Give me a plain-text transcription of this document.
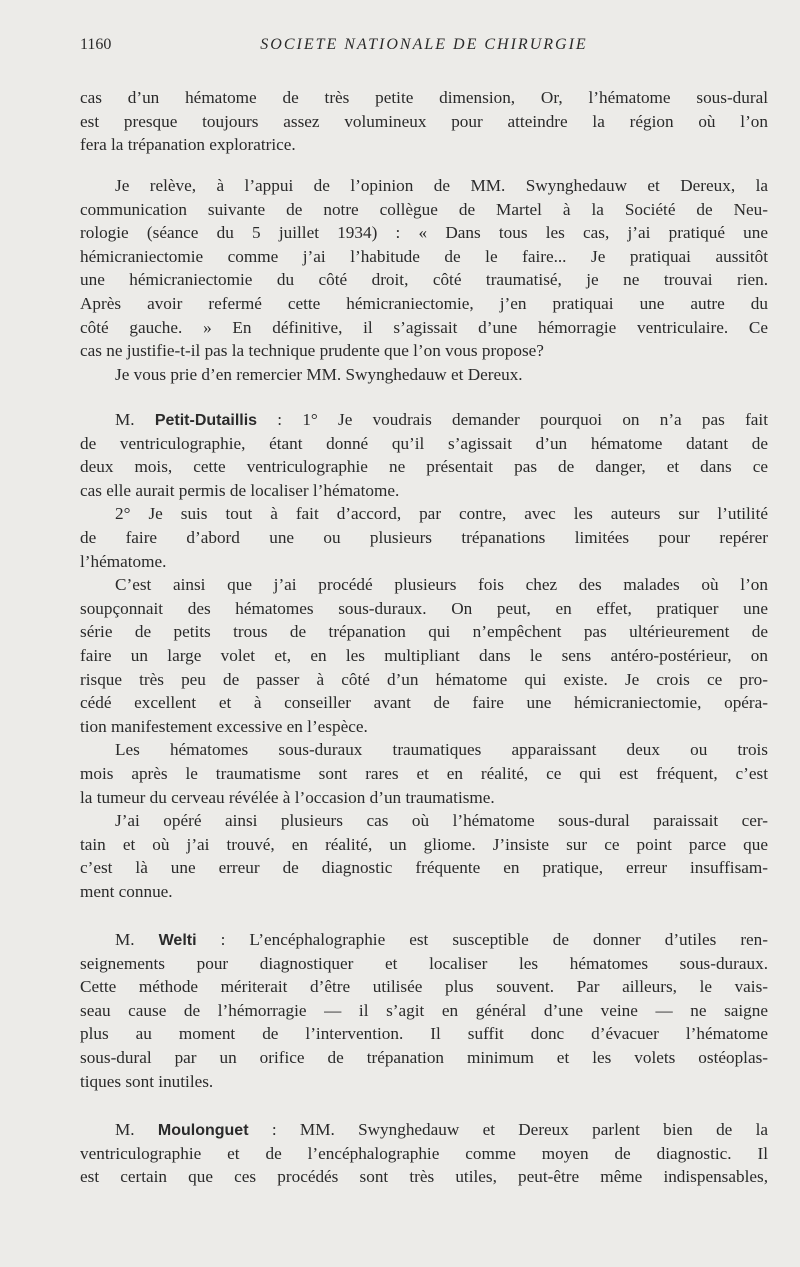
1160	SOCIETE NATIONALE DE CHIRURGIE
cas d’un hématome de très petite dimension, Or, l’hématome sous-dural
est presque toujours assez volumineux pour atteindre la région où l’on
fera la trépanation exploratrice.
Je relève, à l’appui de l’opinion de MM. Swynghedauw et Dereux, la
communication suivante de notre collègue de Martel à la Société de Neu-
rologie (séance du 5 juillet 1934) : « Dans tous les cas, j’ai pratiqué une
hémicraniectomie comme j’ai l’habitude de le faire... Je pratiquai aussitôt
une hémicraniectomie du côté droit, côté traumatisé, je ne trouvai rien.
Après avoir refermé cette hémicraniectomie, j’en pratiquai une autre du
côté gauche. » En définitive, il s’agissait d’une hémorragie ventriculaire. Ce
cas ne justifie-t-il pas la technique prudente que l’on vous propose?
Je vous prie d’en remercier MM. Swynghedauw et Dereux.
M. Petit-Dutaillis : 1° Je voudrais demander pourquoi on n’a pas fait
de ventriculographie, étant donné qu’il s’agissait d’un hématome datant de
deux mois, cette ventriculographie ne présentait pas de danger, et dans ce
cas elle aurait permis de localiser l’hématome.
2° Je suis tout à fait d’accord, par contre, avec les auteurs sur l’utilité
de faire d’abord une ou plusieurs trépanations limitées pour repérer
l’hématome.
C’est ainsi que j’ai procédé plusieurs fois chez des malades où l’on
soupçonnait des hématomes sous-duraux. On peut, en effet, pratiquer une
série de petits trous de trépanation qui n’empêchent pas ultérieurement de
faire un large volet et, en les multipliant dans le sens antéro-postérieur, on
risque très peu de passer à côté d’un hématome qui existe. Je crois ce pro-
cédé excellent et à conseiller avant de faire une hémicraniectomie, opéra-
tion manifestement excessive en l’espèce.
Les hématomes sous-duraux traumatiques apparaissant deux ou trois
mois après le traumatisme sont rares et en réalité, ce qui est fréquent, c’est
la tumeur du cerveau révélée à l’occasion d’un traumatisme.
J’ai opéré ainsi plusieurs cas où l’hématome sous-dural paraissait cer-
tain et où j’ai trouvé, en réalité, un gliome. J’insiste sur ce point parce que
c’est là une erreur de diagnostic fréquente en pratique, erreur insuffisam-
ment connue.
M. Welti : L’encéphalographie est susceptible de donner d’utiles ren-
seignements pour diagnostiquer et localiser les hématomes sous-duraux.
Cette méthode mériterait d’être utilisée plus souvent. Par ailleurs, le vais-
seau cause de l’hémorragie — il s’agit en général d’une veine — ne saigne
plus au moment de l’intervention. Il suffit donc d’évacuer l’hématome
sous-dural par un orifice de trépanation minimum et les volets ostéoplas-
tiques sont inutiles.
M. Moulonguet : MM. Swynghedauw et Dereux parlent bien de la
ventriculographie et de l’encéphalographie comme moyen de diagnostic. Il
est certain que ces procédés sont très utiles, peut-être même indispensables,
